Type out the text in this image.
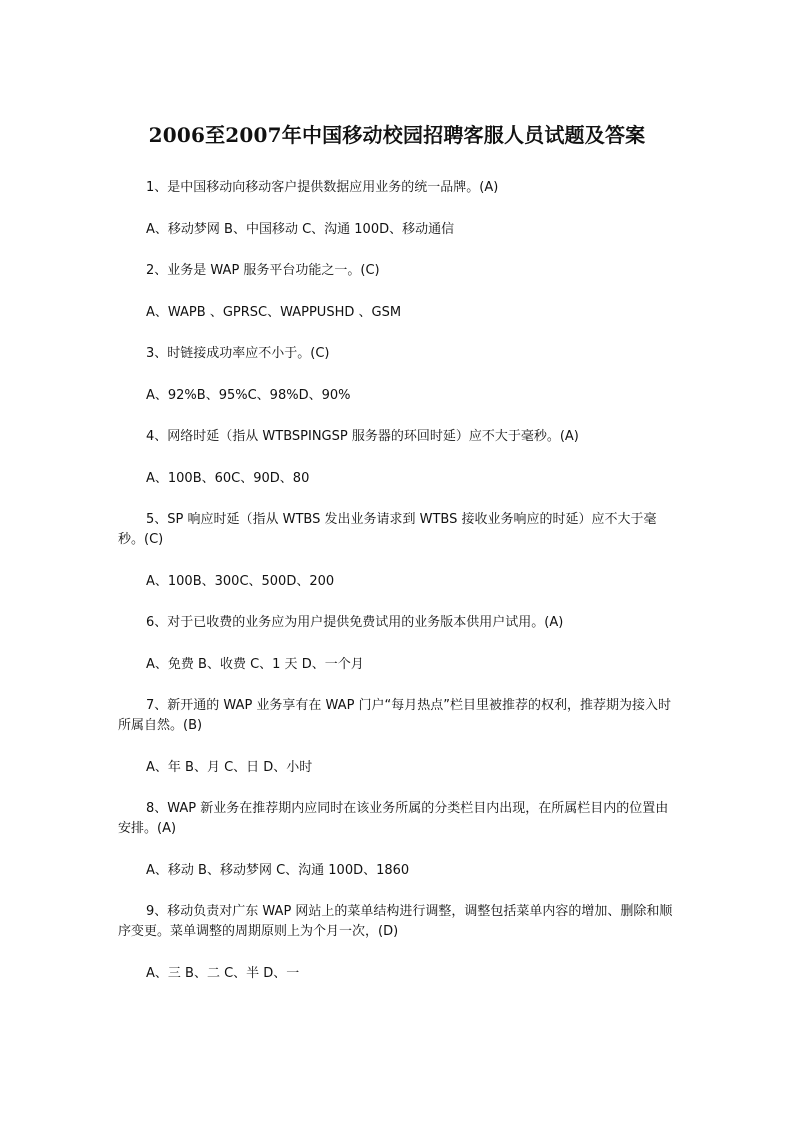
2006至2007年中国移动校园招聘客服人员试题及答案

1、是中国移动向移动客户提供数据应用业务的统一品牌。(A)

A、移动梦网 B、中国移动 C、沟通 100D、移动通信

2、业务是 WAP 服务平台功能之一。(C)

A、WAPB 、GPRSC、WAPPUSHD 、GSM

3、时链接成功率应不小于。(C)

A、92%B、95%C、98%D、90%

4、网络时延（指从 WTBSPINGSP 服务器的环回时延）应不大于毫秒。(A)

A、100B、60C、90D、80

5、SP 响应时延（指从 WTBS 发出业务请求到 WTBS 接收业务响应的时延）应不大于毫秒。(C)

A、100B、300C、500D、200

6、对于已收费的业务应为用户提供免费试用的业务版本供用户试用。(A)

A、免费 B、收费 C、1 天 D、一个月

7、新开通的 WAP 业务享有在 WAP 门户“每月热点”栏目里被推荐的权利，推荐期为接入时所属自然。(B)

A、年 B、月 C、日 D、小时

8、WAP 新业务在推荐期内应同时在该业务所属的分类栏目内出现，在所属栏目内的位置由安排。(A)

A、移动 B、移动梦网 C、沟通 100D、1860

9、移动负责对广东 WAP 网站上的菜单结构进行调整，调整包括菜单内容的增加、删除和顺序变更。菜单调整的周期原则上为个月一次，(D)

A、三 B、二 C、半 D、一
